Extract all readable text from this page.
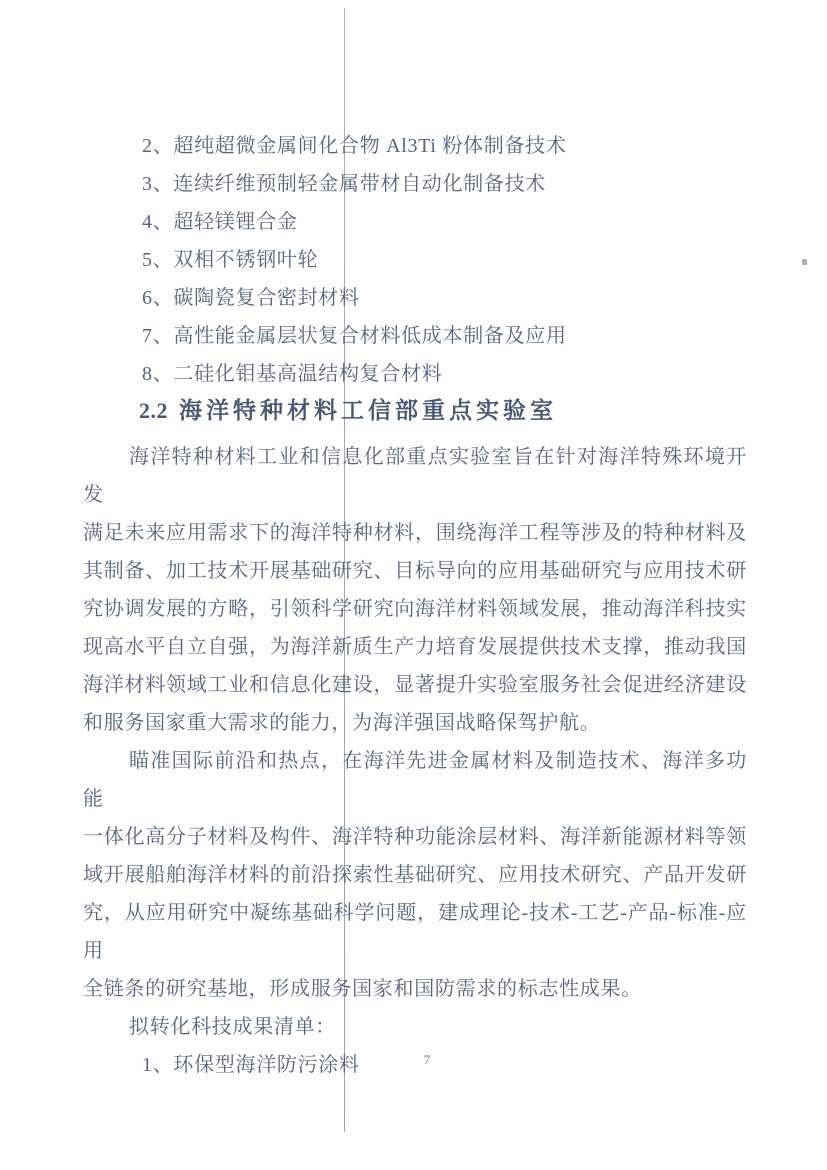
2、超纯超微金属间化合物 Al3Ti 粉体制备技术
3、连续纤维预制轻金属带材自动化制备技术
4、超轻镁锂合金
5、双相不锈钢叶轮
6、碳陶瓷复合密封材料
7、高性能金属层状复合材料低成本制备及应用
8、二硅化钼基高温结构复合材料
2.2 海洋特种材料工信部重点实验室
海洋特种材料工业和信息化部重点实验室旨在针对海洋特殊环境开发
满足未来应用需求下的海洋特种材料，围绕海洋工程等涉及的特种材料及
其制备、加工技术开展基础研究、目标导向的应用基础研究与应用技术研
究协调发展的方略，引领科学研究向海洋材料领域发展，推动海洋科技实
现高水平自立自强，为海洋新质生产力培育发展提供技术支撑，推动我国
海洋材料领域工业和信息化建设，显著提升实验室服务社会促进经济建设
和服务国家重大需求的能力，为海洋强国战略保驾护航。
瞄准国际前沿和热点，在海洋先进金属材料及制造技术、海洋多功能
一体化高分子材料及构件、海洋特种功能涂层材料、海洋新能源材料等领
域开展船舶海洋材料的前沿探索性基础研究、应用技术研究、产品开发研
究，从应用研究中凝练基础科学问题，建成理论-技术-工艺-产品-标准-应用
全链条的研究基地，形成服务国家和国防需求的标志性成果。
拟转化科技成果清单：
1、环保型海洋防污涂料	7
